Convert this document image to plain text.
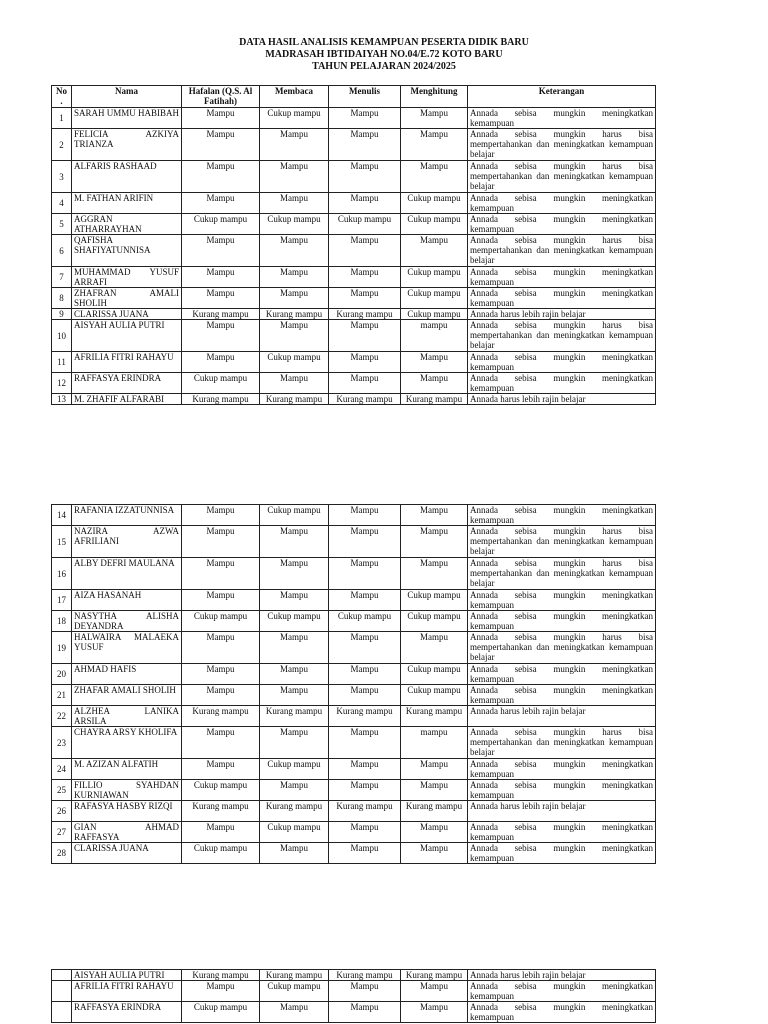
DATA HASIL ANALISIS KEMAMPUAN PESERTA DIDIK BARU
MADRASAH IBTIDAIYAH NO.04/E.72 KOTO BARU
TAHUN PELAJARAN 2024/2025
No .	Nama	Hafalan (Q.S. Al Fatihah)	Membaca	Menulis	Menghitung	Keterangan
1	SARAH UMMU HABIBAH	Mampu	Cukup mampu	Mampu	Mampu	Annada sebisa mungkin meningkatkan kemampuan
2	FELICIA AZKIYA TRIANZA	Mampu	Mampu	Mampu	Mampu	Annada sebisa mungkin harus bisa mempertahankan dan meningkatkan kemampuan belajar
3	ALFARIS RASHAAD	Mampu	Mampu	Mampu	Mampu	Annada sebisa mungkin harus bisa mempertahankan dan meningkatkan kemampuan belajar
4	M. FATHAN ARIFIN	Mampu	Mampu	Mampu	Cukup mampu	Annada sebisa mungkin meningkatkan kemampuan
5	AGGRAN ATHARRAYHAN	Cukup mampu	Cukup mampu	Cukup mampu	Cukup mampu	Annada sebisa mungkin meningkatkan kemampuan
6	QAFISHA SHAFIYATUNNISA	Mampu	Mampu	Mampu	Mampu	Annada sebisa mungkin harus bisa mempertahankan dan meningkatkan kemampuan belajar
7	MUHAMMAD YUSUF ARRAFI	Mampu	Mampu	Mampu	Cukup mampu	Annada sebisa mungkin meningkatkan kemampuan
8	ZHAFRAN AMALI SHOLIH	Mampu	Mampu	Mampu	Cukup mampu	Annada sebisa mungkin meningkatkan kemampuan
9	CLARISSA JUANA	Kurang mampu	Kurang mampu	Kurang mampu	Cukup mampu	Annada harus lebih rajin belajar
10	AISYAH AULIA PUTRI	Mampu	Mampu	Mampu	mampu	Annada sebisa mungkin harus bisa mempertahankan dan meningkatkan kemampuan belajar
11	AFRILIA FITRI RAHAYU	Mampu	Cukup mampu	Mampu	Mampu	Annada sebisa mungkin meningkatkan kemampuan
12	RAFFASYA ERINDRA	Cukup mampu	Mampu	Mampu	Mampu	Annada sebisa mungkin meningkatkan kemampuan
13	M. ZHAFIF ALFARABI	Kurang mampu	Kurang mampu	Kurang mampu	Kurang mampu	Annada harus lebih rajin belajar
14	RAFANIA IZZATUNNISA	Mampu	Cukup mampu	Mampu	Mampu	Annada sebisa mungkin meningkatkan kemampuan
15	NAZIRA AZWA AFRILIANI	Mampu	Mampu	Mampu	Mampu	Annada sebisa mungkin harus bisa mempertahankan dan meningkatkan kemampuan belajar
16	ALBY DEFRI MAULANA	Mampu	Mampu	Mampu	Mampu	Annada sebisa mungkin harus bisa mempertahankan dan meningkatkan kemampuan belajar
17	AIZA HASANAH	Mampu	Mampu	Mampu	Cukup mampu	Annada sebisa mungkin meningkatkan kemampuan
18	NASYTHA ALISHA DEYANDRA	Cukup mampu	Cukup mampu	Cukup mampu	Cukup mampu	Annada sebisa mungkin meningkatkan kemampuan
19	HALWAIRA MALAEKA YUSUF	Mampu	Mampu	Mampu	Mampu	Annada sebisa mungkin harus bisa mempertahankan dan meningkatkan kemampuan belajar
20	AHMAD HAFIS	Mampu	Mampu	Mampu	Cukup mampu	Annada sebisa mungkin meningkatkan kemampuan
21	ZHAFAR AMALI SHOLIH	Mampu	Mampu	Mampu	Cukup mampu	Annada sebisa mungkin meningkatkan kemampuan
22	ALZHEA LANIKA ARSILA	Kurang mampu	Kurang mampu	Kurang mampu	Kurang mampu	Annada harus lebih rajin belajar
23	CHAYRA ARSY KHOLIFA	Mampu	Mampu	Mampu	mampu	Annada sebisa mungkin harus bisa mempertahankan dan meningkatkan kemampuan belajar
24	M. AZIZAN ALFATIH	Mampu	Cukup mampu	Mampu	Mampu	Annada sebisa mungkin meningkatkan kemampuan
25	FILLIO SYAHDAN KURNIAWAN	Cukup mampu	Mampu	Mampu	Mampu	Annada sebisa mungkin meningkatkan kemampuan
26	RAFASYA HASBY RIZQI	Kurang mampu	Kurang mampu	Kurang mampu	Kurang mampu	Annada harus lebih rajin belajar
27	GIAN AHMAD RAFFASYA	Mampu	Cukup mampu	Mampu	Mampu	Annada sebisa mungkin meningkatkan kemampuan
28	CLARISSA JUANA	Cukup mampu	Mampu	Mampu	Mampu	Annada sebisa mungkin meningkatkan kemampuan
	AISYAH AULIA PUTRI	Kurang mampu	Kurang mampu	Kurang mampu	Kurang mampu	Annada harus lebih rajin belajar
	AFRILIA FITRI RAHAYU	Mampu	Cukup mampu	Mampu	Mampu	Annada sebisa mungkin meningkatkan kemampuan
	RAFFASYA ERINDRA	Cukup mampu	Mampu	Mampu	Mampu	Annada sebisa mungkin meningkatkan kemampuan
